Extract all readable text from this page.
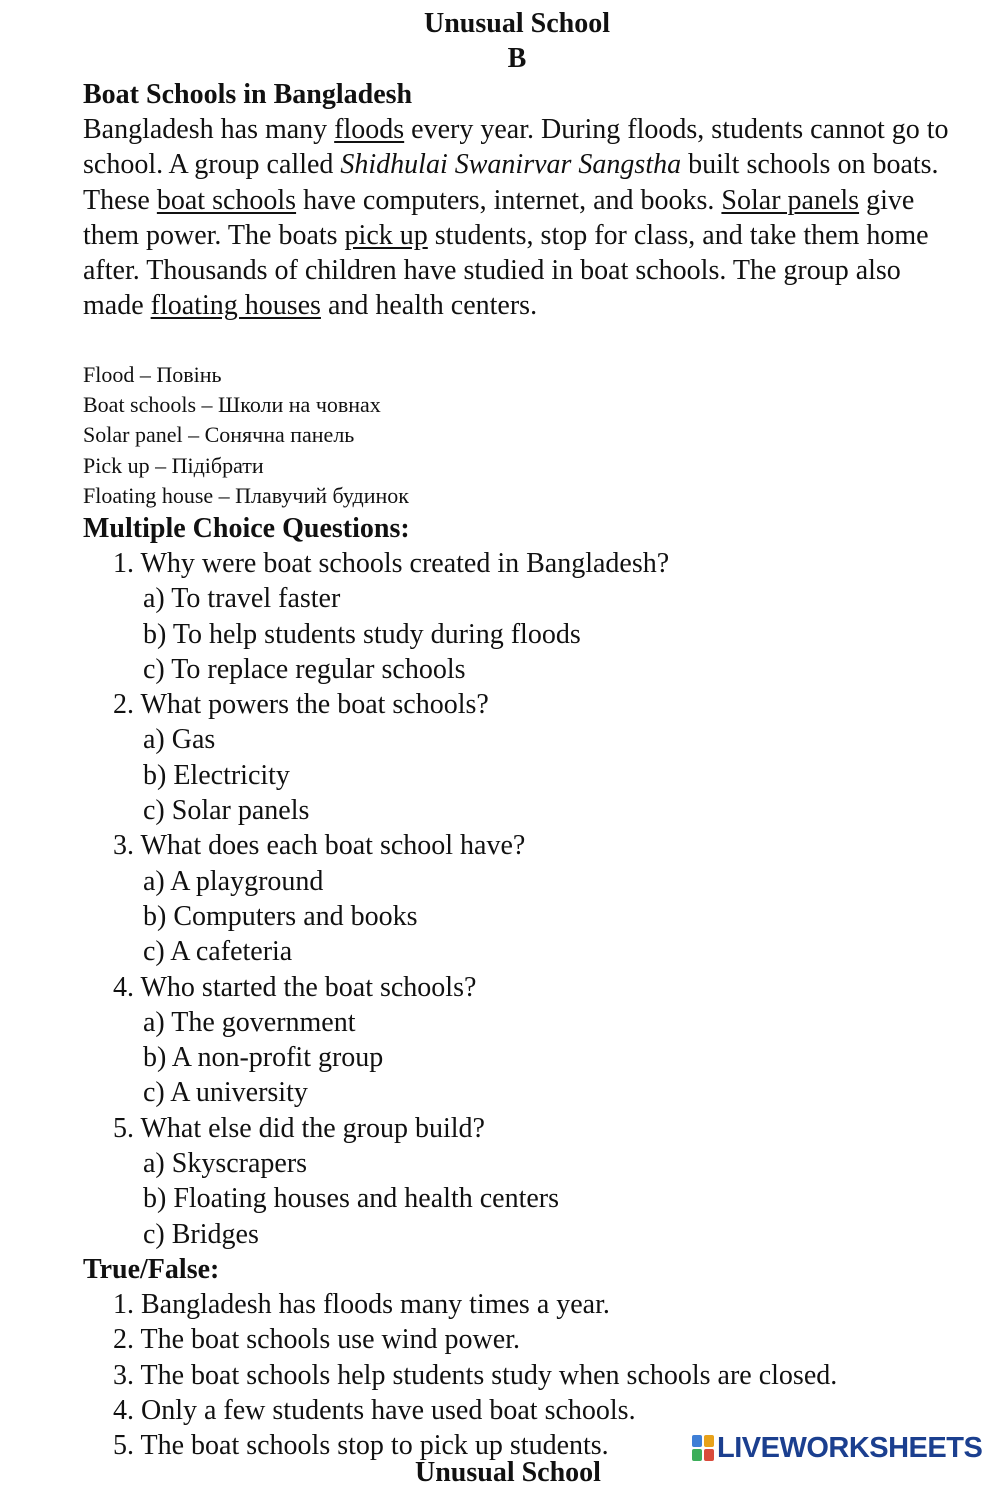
Unusual School
B
Boat Schools in Bangladesh
Bangladesh has many floods every year. During floods, students cannot go to school. A group called Shidhulai Swanirvar Sangstha built schools on boats. These boat schools have computers, internet, and books. Solar panels give them power. The boats pick up students, stop for class, and take them home after. Thousands of children have studied in boat schools. The group also made floating houses and health centers.
Flood – Повінь
Boat schools – Школи на човнах
Solar panel – Сонячна панель
Pick up – Підібрати
Floating house – Плавучий будинок
Multiple Choice Questions:
1. Why were boat schools created in Bangladesh?
a) To travel faster
b) To help students study during floods
c) To replace regular schools
2. What powers the boat schools?
a) Gas
b) Electricity
c) Solar panels
3. What does each boat school have?
a) A playground
b) Computers and books
c) A cafeteria
4. Who started the boat schools?
a) The government
b) A non-profit group
c) A university
5. What else did the group build?
a) Skyscrapers
b) Floating houses and health centers
c) Bridges
True/False:
1. Bangladesh has floods many times a year.
2. The boat schools use wind power.
3. The boat schools help students study when schools are closed.
4. Only a few students have used boat schools.
5. The boat schools stop to pick up students.
Unusual School
LIVEWORKSHEETS
